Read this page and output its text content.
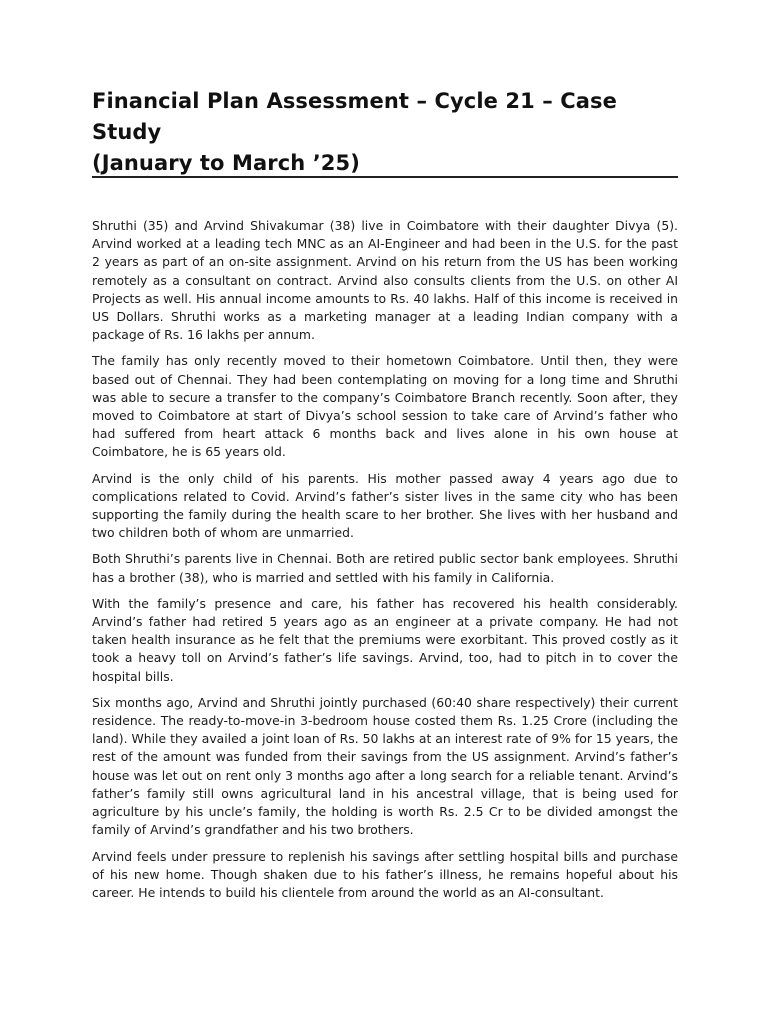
Financial Plan Assessment – Cycle 21 – Case Study
(January to March ’25)

Shruthi (35) and Arvind Shivakumar (38) live in Coimbatore with their daughter Divya (5). Arvind worked at a leading tech MNC as an AI-Engineer and had been in the U.S. for the past 2 years as part of an on-site assignment. Arvind on his return from the US has been working remotely as a consultant on contract. Arvind also consults clients from the U.S. on other AI Projects as well. His annual income amounts to Rs. 40 lakhs. Half of this income is received in US Dollars. Shruthi works as a marketing manager at a leading Indian company with a package of Rs. 16 lakhs per annum.

The family has only recently moved to their hometown Coimbatore. Until then, they were based out of Chennai. They had been contemplating on moving for a long time and Shruthi was able to secure a transfer to the company’s Coimbatore Branch recently. Soon after, they moved to Coimbatore at start of Divya’s school session to take care of Arvind’s father who had suffered from heart attack 6 months back and lives alone in his own house at Coimbatore, he is 65 years old.

Arvind is the only child of his parents. His mother passed away 4 years ago due to complications related to Covid. Arvind’s father’s sister lives in the same city who has been supporting the family during the health scare to her brother. She lives with her husband and two children both of whom are unmarried.

Both Shruthi’s parents live in Chennai. Both are retired public sector bank employees. Shruthi has a brother (38), who is married and settled with his family in California.

With the family’s presence and care, his father has recovered his health considerably. Arvind’s father had retired 5 years ago as an engineer at a private company. He had not taken health insurance as he felt that the premiums were exorbitant. This proved costly as it took a heavy toll on Arvind’s father’s life savings. Arvind, too, had to pitch in to cover the hospital bills.

Six months ago, Arvind and Shruthi jointly purchased (60:40 share respectively) their current residence. The ready-to-move-in 3-bedroom house costed them Rs. 1.25 Crore (including the land). While they availed a joint loan of Rs. 50 lakhs at an interest rate of 9% for 15 years, the rest of the amount was funded from their savings from the US assignment. Arvind’s father’s house was let out on rent only 3 months ago after a long search for a reliable tenant. Arvind’s father’s family still owns agricultural land in his ancestral village, that is being used for agriculture by his uncle’s family, the holding is worth Rs. 2.5 Cr to be divided amongst the family of Arvind’s grandfather and his two brothers.

Arvind feels under pressure to replenish his savings after settling hospital bills and purchase of his new home. Though shaken due to his father’s illness, he remains hopeful about his career. He intends to build his clientele from around the world as an AI-consultant.
